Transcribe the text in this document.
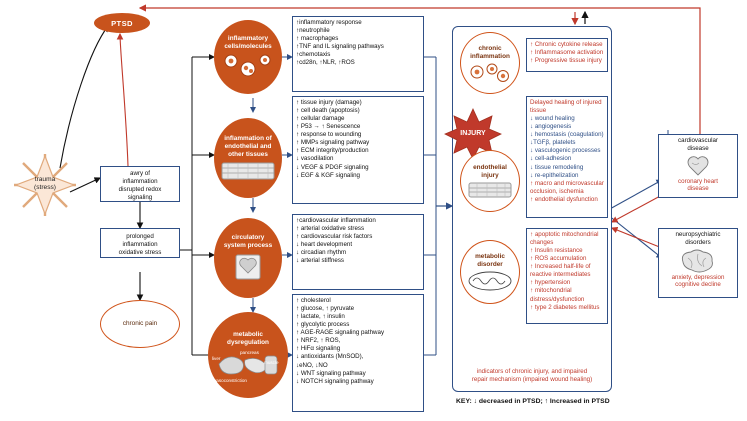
PTSD
trauma
(stress)
awry of
inflammation
disrupted redox
signaling
prolonged
inflammation
oxidative stress
chronic pain
inflammatory
cells/molecules
inflammation of
endothelial and
other tissues
circulatory
system process
metabolic
dysregulation
liver
pancreas
muscle
vasoconstriction
↑inflammatory response
↑neutrophile
↑ macrophages
↑TNF and IL signaling pathways
↑chemotaxis
↑cd28n, ↑NLR, ↑ROS
↑ tissue injury (damage)
↑ cell death (apoptosis)
↑ cellular damage
↑ P53 → ↑ Senescence
↑ response to wounding
↑ MMPs signaling pathway
↑ ECM integrity/production
↓ vasodilation
↓ VEGF & PDGF signaling
↓ EGF & KGF signaling
↑cardiovascular inflammation
↑ arterial oxidative stress
↑ cardiovascular risk factors
↓ heart development
↓ circadian rhythm
↓ arterial stiffness
↑ cholesterol
↑ glucose, ↑ pyruvate
↑ lactate, ↑ insulin
↑ glycolytic process
↑ AGE-RAGE signaling pathway
↑ NRF2, ↑ ROS,
↑ HiFα signaling
↓ antioxidants (MnSOD),
↓eNO, ↓NO
↓ WNT signaling pathway
↓ NOTCH signaling pathway
chronic
inflammation
↑ Chronic cytokine release
↑ Inflammasome activation
↑ Progressive tissue injury
INJURY
endothelial
injury
Delayed healing of injured
tissue
↓ wound healing
↓ angiogenesis
↓ hemostasis (coagulation)
↓TGFβ, platelets
↓ vasculogenic processes
↓ cell-adhesion
↓ tissue remodeling
↓ re-epithelization
↑ macro and microvascular
occlusion, ischemia
↑ endothelial dysfunction
metabolic
disorder
↑ apoptotic mitochondrial
changes
↑ Insulin resistance
↑ ROS accumulation
↑ Increased half-life of
reactive intermediates
↑ hypertension
↑ mitochondrial
distress/dysfunction
↑ type 2 diabetes mellitus
indicators of chronic injury, and impaired
repair mechanism (impaired wound healing)
cardiovascular
disease
coronary heart
disease
neuropsychiatric
disorders
anxiety, depression
cognitive decline
KEY: ↓ decreased in PTSD; ↑ Increased in PTSD
